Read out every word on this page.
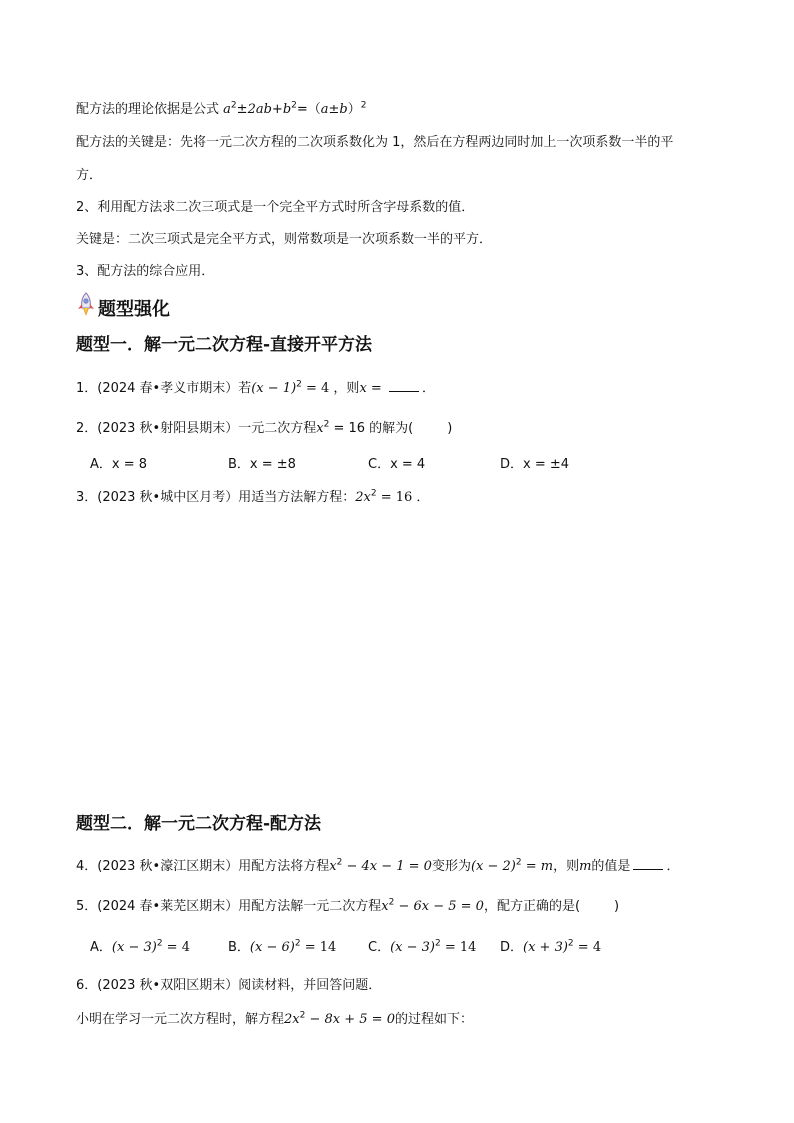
配方法的理论依据是公式 $a^2\pm 2ab+b^2=(a\pm b)^2$
配方法的关键是：先将一元二次方程的二次项系数化为 1，然后在方程两边同时加上一次项系数一半的平
方．
2、利用配方法求二次三项式是一个完全平方式时所含字母系数的值．
关键是：二次三项式是完全平方式，则常数项是一次项系数一半的平方．
3、配方法的综合应用．
题型强化
题型一．解一元二次方程-直接开平方法
1．(2024 春•孝义市期末）若$(x - 1)^2 = 4$ ，则x =	．
2．(2023 秋•射阳县期末）一元二次方程$x^2 = 16$ 的解为(	)
A．x = 8	B．x = ±8	C．x = 4	D．x = ±4
3．(2023 秋•城中区月考）用适当方法解方程：$2x^2 = 16$ ．
题型二．解一元二次方程-配方法
4．(2023 秋•濠江区期末）用配方法将方程$x^2 - 4x - 1 = 0$变形为$(x - 2)^2 = m$，则m的值是	．
5．(2024 春•莱芜区期末）用配方法解一元二次方程$x^2 - 6x - 5 = 0$，配方正确的是(	)
A．$(x - 3)^2 = 4$	B．$(x - 6)^2 = 14$ C．$(x - 3)^2 = 14$ D．$(x + 3)^2 = 4$
6．(2023 秋•双阳区期末）阅读材料，并回答问题．
小明在学习一元二次方程时，解方程$2x^2 - 8x + 5 = 0$的过程如下：
